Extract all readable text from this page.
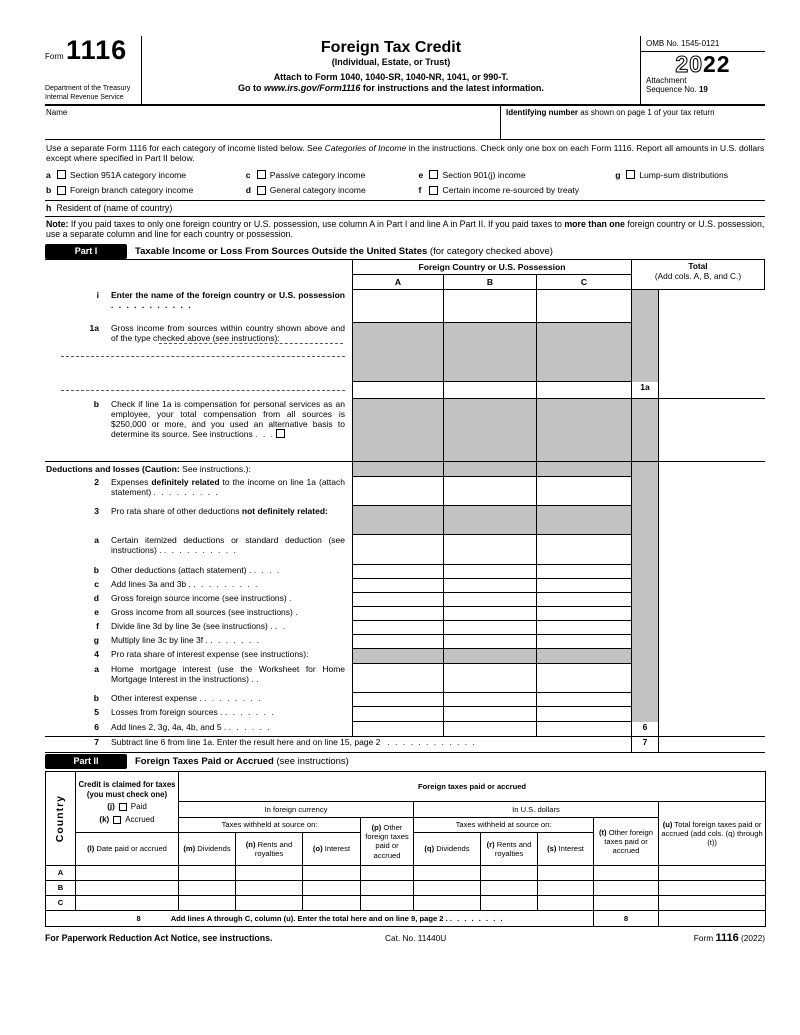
Form 1116
Department of the Treasury
Internal Revenue Service
Foreign Tax Credit
(Individual, Estate, or Trust)
Attach to Form 1040, 1040-SR, 1040-NR, 1041, or 990-T.
Go to www.irs.gov/Form1116 for instructions and the latest information.
OMB No. 1545-0121
2022
Attachment
Sequence No. 19
Name	Identifying number as shown on page 1 of your tax return
Use a separate Form 1116 for each category of income listed below. See Categories of Income in the instructions. Check only one box on each Form 1116. Report all amounts in U.S. dollars except where specified in Part II below.
a Section 951A category income
b Foreign branch category income
c Passive category income
d General category income
e Section 901(j) income
f	Certain income re-sourced by treaty
g Lump-sum distributions
h Resident of (name of country)
Note: If you paid taxes to only one foreign country or U.S. possession, use column A in Part I and line A in Part II. If you paid taxes to more than one foreign country or U.S. possession, use a separate column and line for each country or possession.
Part I	Taxable Income or Loss From Sources Outside the United States (for category checked above)
Foreign Country or U.S. Possession
A	B	C
Total
(Add cols. A, B, and C.)
i	Enter the name of the foreign country or U.S. possession . . . . . . . . . . .
1a	Gross income from sources within country shown above and of the type checked above (see instructions):
1a
b	Check if line 1a is compensation for personal services as an employee, your total compensation from all sources is $250,000 or more, and you used an alternative basis to determine its source. See instructions . . .
Deductions and losses (Caution: See instructions.):
2	Expenses definitely related to the income on line 1a (attach statement) . . . . . . . . .
3	Pro rata share of other deductions not definitely related:
a	Certain itemized deductions or standard deduction (see instructions) . . . . . . . . . . .
b	Other deductions (attach statement) . . . . .
c	Add lines 3a and 3b . . . . . . . . . .
d	Gross foreign source income (see instructions) .
e	Gross income from all sources (see instructions) .
f	Divide line 3d by line 3e (see instructions) . . .
g	Multiply line 3c by line 3f . . . . . . . .
4	Pro rata share of interest expense (see instructions):
a	Home mortgage interest (use the Worksheet for Home Mortgage Interest in the instructions) . .
b	Other interest expense . . . . . . . . .
5	Losses from foreign sources . . . . . . . .
6	Add lines 2, 3g, 4a, 4b, and 5 . . . . . . .	6
7	Subtract line 6 from line 1a. Enter the result here and on line 15, page 2 . . . . . . . . . . . .	7
Part II	Foreign Taxes Paid or Accrued (see instructions)
Country	Credit is claimed for taxes (you must check one)
(j) Paid
(k) Accrued	Foreign taxes paid or accrued								
		In foreign currency				In U.S. dollars				(u) Total foreign taxes paid or accrued (add cols. (q) through (t))
		Taxes withheld at source on:			(p) Other foreign taxes paid or accrued	Taxes withheld at source on:			(t) Other foreign taxes paid or accrued	
	(l) Date paid or accrued	(m) Dividends	(n) Rents and royalties	(o) Interest		(q) Dividends	(r) Rents and royalties	(s) Interest		
A										
B										
C										
8 Add lines A through C, column (u). Enter the total here and on line 9, page 2 . . . . . . . . .									8	
For Paperwork Reduction Act Notice, see instructions.	Cat. No. 11440U	Form 1116 (2022)
